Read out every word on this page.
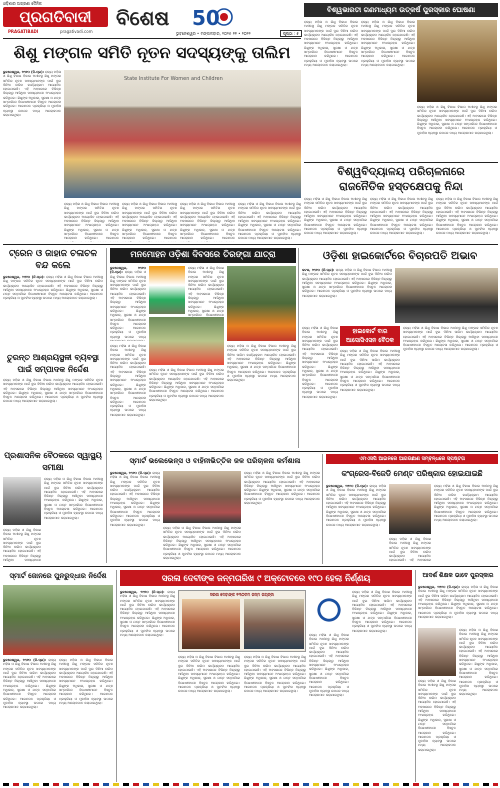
ଓଡ଼ିଶାର ଅଗ୍ରଣୀ ଦୈନିକ
ପ୍ରଗତିବାଦୀ
PRAGATIBADI	pragativadi.com
ବିଶେଷ 50
ଭୁବନେଶ୍ୱର • ମଙ୍ଗଳବାର, ୨୦୨୫ ୧୧ • ୨୦୨୨	ପୃଷ୍ଠା : ୫
ବିଶ୍ୱଭାରତୀ ଗଣମାଧ୍ୟମ ଉତ୍କର୍ଷ ପୁରସ୍କାର ଘୋଷଣା
ରାଜ୍ୟ ମହିଳା ଓ ଶିଶୁ ବିକାଶ ବିଭାଗ ଅଧୀନସ୍ଥ ଶିଶୁ ମଙ୍ଗଳ ସମିତିର ନୂତନ ସଦସ୍ୟମାନଙ୍କ ପାଇଁ ଦୁଇ ଦିନିଆ ତାଲିମ କାର୍ଯ୍ୟକ୍ରମ ଆୟୋଜିତ ହୋଇଯାଇଛି। ଏହି ଅବସରରେ ବିଭିନ୍ନ ଜିଲ୍ଲାରୁ ଆସିଥିବା ସଦସ୍ୟମାନେ ଅଂଶଗ୍ରହଣ କରିଥିଲେ। ଶିଶୁଙ୍କ ଅଧିକାର, ସୁରକ୍ଷା ଓ ଯତ୍ନ ସମ୍ପର୍କରେ ବିଶେଷଜ୍ଞମାନେ ବିସ୍ତୃତ ଆଲୋଚନା କରିଥିଲେ। ଆଇନଗତ ପ୍ରକ୍ରିୟା ଓ ପୁନର୍ବାସ ବ୍ୟବସ୍ଥା ଉପରେ ମଧ୍ୟ ଆଲୋକପାତ କରାଯାଇଥିଲା।
ରାଜ୍ୟ ମହିଳା ଓ ଶିଶୁ ବିକାଶ ବିଭାଗ ଅଧୀନସ୍ଥ ଶିଶୁ ମଙ୍ଗଳ ସମିତିର ନୂତନ ସଦସ୍ୟମାନଙ୍କ ପାଇଁ ଦୁଇ ଦିନିଆ ତାଲିମ କାର୍ଯ୍ୟକ୍ରମ ଆୟୋଜିତ ହୋଇଯାଇଛି। ଏହି ଅବସରରେ ବିଭିନ୍ନ ଜିଲ୍ଲାରୁ ଆସିଥିବା ସଦସ୍ୟମାନେ ଅଂଶଗ୍ରହଣ କରିଥିଲେ। ଶିଶୁଙ୍କ ଅଧିକାର, ସୁରକ୍ଷା ଓ ଯତ୍ନ ସମ୍ପର୍କରେ ବିଶେଷଜ୍ଞମାନେ ବିସ୍ତୃତ ଆଲୋଚନା କରିଥିଲେ। ଆଇନଗତ ପ୍ରକ୍ରିୟା ଓ ପୁନର୍ବାସ ବ୍ୟବସ୍ଥା ଉପରେ ମଧ୍ୟ ଆଲୋକପାତ କରାଯାଇଥିଲା।
ରାଜ୍ୟ ମହିଳା ଓ ଶିଶୁ ବିକାଶ ବିଭାଗ ଅଧୀନସ୍ଥ ଶିଶୁ ମଙ୍ଗଳ ସମିତିର ନୂତନ ସଦସ୍ୟମାନଙ୍କ ପାଇଁ ଦୁଇ ଦିନିଆ ତାଲିମ କାର୍ଯ୍ୟକ୍ରମ ଆୟୋଜିତ ହୋଇଯାଇଛି। ଏହି ଅବସରରେ ବିଭିନ୍ନ ଜିଲ୍ଲାରୁ ଆସିଥିବା ସଦସ୍ୟମାନେ ଅଂଶଗ୍ରହଣ କରିଥିଲେ। ଶିଶୁଙ୍କ ଅଧିକାର, ସୁରକ୍ଷା ଓ ଯତ୍ନ ସମ୍ପର୍କରେ ବିଶେଷଜ୍ଞମାନେ ବିସ୍ତୃତ ଆଲୋଚନା କରିଥିଲେ। ଆଇନଗତ ପ୍ରକ୍ରିୟା ଓ ପୁନର୍ବାସ ବ୍ୟବସ୍ଥା ଉପରେ ମଧ୍ୟ ଆଲୋକପାତ କରାଯାଇଥିଲା।
ଶିଶୁ ମଙ୍ଗଳ ସମିତି ନୂତନ ସଦସ୍ୟଙ୍କୁ ତାଲିମ
ଭୁବନେଶ୍ୱର, ୨୯ା୧୦ (ନି.ପ୍ର): ରାଜ୍ୟ ମହିଳା ଓ ଶିଶୁ ବିକାଶ ବିଭାଗ ଅଧୀନସ୍ଥ ଶିଶୁ ମଙ୍ଗଳ ସମିତିର ନୂତନ ସଦସ୍ୟମାନଙ୍କ ପାଇଁ ଦୁଇ ଦିନିଆ ତାଲିମ କାର୍ଯ୍ୟକ୍ରମ ଆୟୋଜିତ ହୋଇଯାଇଛି। ଏହି ଅବସରରେ ବିଭିନ୍ନ ଜିଲ୍ଲାରୁ ଆସିଥିବା ସଦସ୍ୟମାନେ ଅଂଶଗ୍ରହଣ କରିଥିଲେ। ଶିଶୁଙ୍କ ଅଧିକାର, ସୁରକ୍ଷା ଓ ଯତ୍ନ ସମ୍ପର୍କରେ ବିଶେଷଜ୍ଞମାନେ ବିସ୍ତୃତ ଆଲୋଚନା କରିଥିଲେ। ଆଇନଗତ ପ୍ରକ୍ରିୟା ଓ ପୁନର୍ବାସ ବ୍ୟବସ୍ଥା ଉପରେ ମଧ୍ୟ ଆଲୋକପାତ କରାଯାଇଥିଲା।
State Institute For Women and Children
ରାଜ୍ୟ ମହିଳା ଓ ଶିଶୁ ବିକାଶ ବିଭାଗ ଅଧୀନସ୍ଥ ଶିଶୁ ମଙ୍ଗଳ ସମିତିର ନୂତନ ସଦସ୍ୟମାନଙ୍କ ପାଇଁ ଦୁଇ ଦିନିଆ ତାଲିମ କାର୍ଯ୍ୟକ୍ରମ ଆୟୋଜିତ ହୋଇଯାଇଛି। ଏହି ଅବସରରେ ବିଭିନ୍ନ ଜିଲ୍ଲାରୁ ଆସିଥିବା ସଦସ୍ୟମାନେ ଅଂଶଗ୍ରହଣ କରିଥିଲେ। ଶିଶୁଙ୍କ ଅଧିକାର, ସୁରକ୍ଷା ଓ ଯତ୍ନ ସମ୍ପର୍କରେ ବିଶେଷଜ୍ଞମାନେ ବିସ୍ତୃତ ଆଲୋଚନା କରିଥିଲେ। ଆଇନଗତ
ରାଜ୍ୟ ମହିଳା ଓ ଶିଶୁ ବିକାଶ ବିଭାଗ ଅଧୀନସ୍ଥ ଶିଶୁ ମଙ୍ଗଳ ସମିତିର ନୂତନ ସଦସ୍ୟମାନଙ୍କ ପାଇଁ ଦୁଇ ଦିନିଆ ତାଲିମ କାର୍ଯ୍ୟକ୍ରମ ଆୟୋଜିତ ହୋଇଯାଇଛି। ଏହି ଅବସରରେ ବିଭିନ୍ନ ଜିଲ୍ଲାରୁ ଆସିଥିବା ସଦସ୍ୟମାନେ ଅଂଶଗ୍ରହଣ କରିଥିଲେ। ଶିଶୁଙ୍କ ଅଧିକାର, ସୁରକ୍ଷା ଓ ଯତ୍ନ ସମ୍ପର୍କରେ ବିଶେଷଜ୍ଞମାନେ ବିସ୍ତୃତ ଆଲୋଚନା କରିଥିଲେ। ଆଇନଗତ
ରାଜ୍ୟ ମହିଳା ଓ ଶିଶୁ ବିକାଶ ବିଭାଗ ଅଧୀନସ୍ଥ ଶିଶୁ ମଙ୍ଗଳ ସମିତିର ନୂତନ ସଦସ୍ୟମାନଙ୍କ ପାଇଁ ଦୁଇ ଦିନିଆ ତାଲିମ କାର୍ଯ୍ୟକ୍ରମ ଆୟୋଜିତ ହୋଇଯାଇଛି। ଏହି ଅବସରରେ ବିଭିନ୍ନ ଜିଲ୍ଲାରୁ ଆସିଥିବା ସଦସ୍ୟମାନେ ଅଂଶଗ୍ରହଣ କରିଥିଲେ। ଶିଶୁଙ୍କ ଅଧିକାର, ସୁରକ୍ଷା ଓ ଯତ୍ନ ସମ୍ପର୍କରେ ବିଶେଷଜ୍ଞମାନେ ବିସ୍ତୃତ ଆଲୋଚନା କରିଥିଲେ। ଆଇନଗତ
ରାଜ୍ୟ ମହିଳା ଓ ଶିଶୁ ବିକାଶ ବିଭାଗ ଅଧୀନସ୍ଥ ଶିଶୁ ମଙ୍ଗଳ ସମିତିର ନୂତନ ସଦସ୍ୟମାନଙ୍କ ପାଇଁ ଦୁଇ ଦିନିଆ ତାଲିମ କାର୍ଯ୍ୟକ୍ରମ ଆୟୋଜିତ ହୋଇଯାଇଛି। ଏହି ଅବସରରେ ବିଭିନ୍ନ ଜିଲ୍ଲାରୁ ଆସିଥିବା ସଦସ୍ୟମାନେ ଅଂଶଗ୍ରହଣ କରିଥିଲେ। ଶିଶୁଙ୍କ ଅଧିକାର, ସୁରକ୍ଷା ଓ ଯତ୍ନ ସମ୍ପର୍କରେ ବିଶେଷଜ୍ଞମାନେ ବିସ୍ତୃତ ଆଲୋଚନା କରିଥିଲେ। ଆଇନଗତ ପ୍ରକ୍ରିୟା ଓ ପୁନର୍ବାସ ବ୍ୟବସ୍ଥା ଉପରେ ମଧ୍ୟ ଆଲୋକପାତ କରାଯାଇଥିଲା।
ବିଶ୍ୱବିଦ୍ୟାଳୟ ପରିଚାଳନାରେ
ରାଜନୈତିକ ହସ୍ତକ୍ଷେପକୁ ନିନ୍ଦା
ରାଜ୍ୟ ମହିଳା ଓ ଶିଶୁ ବିକାଶ ବିଭାଗ ଅଧୀନସ୍ଥ ଶିଶୁ ମଙ୍ଗଳ ସମିତିର ନୂତନ ସଦସ୍ୟମାନଙ୍କ ପାଇଁ ଦୁଇ ଦିନିଆ ତାଲିମ କାର୍ଯ୍ୟକ୍ରମ ଆୟୋଜିତ ହୋଇଯାଇଛି। ଏହି ଅବସରରେ ବିଭିନ୍ନ ଜିଲ୍ଲାରୁ ଆସିଥିବା ସଦସ୍ୟମାନେ ଅଂଶଗ୍ରହଣ କରିଥିଲେ। ଶିଶୁଙ୍କ ଅଧିକାର, ସୁରକ୍ଷା ଓ ଯତ୍ନ ସମ୍ପର୍କରେ ବିଶେଷଜ୍ଞମାନେ ବିସ୍ତୃତ ଆଲୋଚନା କରିଥିଲେ। ଆଇନଗତ ପ୍ରକ୍ରିୟା ଓ ପୁନର୍ବାସ ବ୍ୟବସ୍ଥା ଉପରେ ମଧ୍ୟ ଆଲୋକପାତ କରାଯାଇଥିଲା।
ରାଜ୍ୟ ମହିଳା ଓ ଶିଶୁ ବିକାଶ ବିଭାଗ ଅଧୀନସ୍ଥ ଶିଶୁ ମଙ୍ଗଳ ସମିତିର ନୂତନ ସଦସ୍ୟମାନଙ୍କ ପାଇଁ ଦୁଇ ଦିନିଆ ତାଲିମ କାର୍ଯ୍ୟକ୍ରମ ଆୟୋଜିତ ହୋଇଯାଇଛି। ଏହି ଅବସରରେ ବିଭିନ୍ନ ଜିଲ୍ଲାରୁ ଆସିଥିବା ସଦସ୍ୟମାନେ ଅଂଶଗ୍ରହଣ କରିଥିଲେ। ଶିଶୁଙ୍କ ଅଧିକାର, ସୁରକ୍ଷା ଓ ଯତ୍ନ ସମ୍ପର୍କରେ ବିଶେଷଜ୍ଞମାନେ ବିସ୍ତୃତ ଆଲୋଚନା କରିଥିଲେ। ଆଇନଗତ ପ୍ରକ୍ରିୟା ଓ ପୁନର୍ବାସ ବ୍ୟବସ୍ଥା ଉପରେ ମଧ୍ୟ ଆଲୋକପାତ କରାଯାଇଥିଲା।
ରାଜ୍ୟ ମହିଳା ଓ ଶିଶୁ ବିକାଶ ବିଭାଗ ଅଧୀନସ୍ଥ ଶିଶୁ ମଙ୍ଗଳ ସମିତିର ନୂତନ ସଦସ୍ୟମାନଙ୍କ ପାଇଁ ଦୁଇ ଦିନିଆ ତାଲିମ କାର୍ଯ୍ୟକ୍ରମ ଆୟୋଜିତ ହୋଇଯାଇଛି। ଏହି ଅବସରରେ ବିଭିନ୍ନ ଜିଲ୍ଲାରୁ ଆସିଥିବା ସଦସ୍ୟମାନେ ଅଂଶଗ୍ରହଣ କରିଥିଲେ। ଶିଶୁଙ୍କ ଅଧିକାର, ସୁରକ୍ଷା ଓ ଯତ୍ନ ସମ୍ପର୍କରେ ବିଶେଷଜ୍ଞମାନେ ବିସ୍ତୃତ ଆଲୋଚନା କରିଥିଲେ। ଆଇନଗତ ପ୍ରକ୍ରିୟା ଓ ପୁନର୍ବାସ ବ୍ୟବସ୍ଥା ଉପରେ ମଧ୍ୟ ଆଲୋକପାତ କରାଯାଇଥିଲା।
ଟ୍ରେନ ଓ ଜାହାଜ ଚଳାଚଳ ବନ୍ଦ କଲେ
ଭୁବନେଶ୍ୱର, ୨୯ା୧୦ (ନି.ପ୍ର): ରାଜ୍ୟ ମହିଳା ଓ ଶିଶୁ ବିକାଶ ବିଭାଗ ଅଧୀନସ୍ଥ ଶିଶୁ ମଙ୍ଗଳ ସମିତିର ନୂତନ ସଦସ୍ୟମାନଙ୍କ ପାଇଁ ଦୁଇ ଦିନିଆ ତାଲିମ କାର୍ଯ୍ୟକ୍ରମ ଆୟୋଜିତ ହୋଇଯାଇଛି। ଏହି ଅବସରରେ ବିଭିନ୍ନ ଜିଲ୍ଲାରୁ ଆସିଥିବା ସଦସ୍ୟମାନେ ଅଂଶଗ୍ରହଣ କରିଥିଲେ। ଶିଶୁଙ୍କ ଅଧିକାର, ସୁରକ୍ଷା ଓ ଯତ୍ନ ସମ୍ପର୍କରେ ବିଶେଷଜ୍ଞମାନେ ବିସ୍ତୃତ ଆଲୋଚନା କରିଥିଲେ। ଆଇନଗତ ପ୍ରକ୍ରିୟା ଓ ପୁନର୍ବାସ ବ୍ୟବସ୍ଥା ଉପରେ ମଧ୍ୟ ଆଲୋକପାତ କରାଯାଇଥିଲା।
ତୁରନ୍ତ ଆଶ୍ରୟସ୍ଥଳୀ ବ୍ୟବସ୍ଥା ପାଇଁ ସମ୍ପାଦକ ନିର୍ଦ୍ଦେଶ
ରାଜ୍ୟ ମହିଳା ଓ ଶିଶୁ ବିକାଶ ବିଭାଗ ଅଧୀନସ୍ଥ ଶିଶୁ ମଙ୍ଗଳ ସମିତିର ନୂତନ ସଦସ୍ୟମାନଙ୍କ ପାଇଁ ଦୁଇ ଦିନିଆ ତାଲିମ କାର୍ଯ୍ୟକ୍ରମ ଆୟୋଜିତ ହୋଇଯାଇଛି। ଏହି ଅବସରରେ ବିଭିନ୍ନ ଜିଲ୍ଲାରୁ ଆସିଥିବା ସଦସ୍ୟମାନେ ଅଂଶଗ୍ରହଣ କରିଥିଲେ। ଶିଶୁଙ୍କ ଅଧିକାର, ସୁରକ୍ଷା ଓ ଯତ୍ନ ସମ୍ପର୍କରେ ବିଶେଷଜ୍ଞମାନେ ବିସ୍ତୃତ ଆଲୋଚନା କରିଥିଲେ। ଆଇନଗତ ପ୍ରକ୍ରିୟା ଓ ପୁନର୍ବାସ ବ୍ୟବସ୍ଥା ଉପରେ ମଧ୍ୟ ଆଲୋକପାତ କରାଯାଇଥିଲା।
ପ୍ରଶାସନିକ ବୈଠକରେ ସ୍ୱାସ୍ଥ୍ୟ ସମୀକ୍ଷା
ରାଜ୍ୟ ମହିଳା ଓ ଶିଶୁ ବିକାଶ ବିଭାଗ ଅଧୀନସ୍ଥ ଶିଶୁ ମଙ୍ଗଳ ସମିତିର ନୂତନ ସଦସ୍ୟମାନଙ୍କ ପାଇଁ ଦୁଇ ଦିନିଆ ତାଲିମ କାର୍ଯ୍ୟକ୍ରମ ଆୟୋଜିତ ହୋଇଯାଇଛି। ଏହି ଅବସରରେ ବିଭିନ୍ନ ଜିଲ୍ଲାରୁ ଆସିଥିବା ସଦସ୍ୟମାନେ ଅଂଶଗ୍ରହଣ କରିଥିଲେ। ଶିଶୁଙ୍କ ଅଧିକାର, ସୁରକ୍ଷା ଓ ଯତ୍ନ ସମ୍ପର୍କରେ ବିଶେଷଜ୍ଞମାନେ ବିସ୍ତୃତ ଆଲୋଚନା କରିଥିଲେ। ଆଇନଗତ ପ୍ରକ୍ରିୟା ଓ ପୁନର୍ବାସ ବ୍ୟବସ୍ଥା ଉପରେ ମଧ୍ୟ ଆଲୋକପାତ କରାଯାଇଥିଲା।
ରାଜ୍ୟ ମହିଳା ଓ ଶିଶୁ ବିକାଶ ବିଭାଗ ଅଧୀନସ୍ଥ ଶିଶୁ ମଙ୍ଗଳ ସମିତିର ନୂତନ ସଦସ୍ୟମାନଙ୍କ ପାଇଁ ଦୁଇ ଦିନିଆ ତାଲିମ କାର୍ଯ୍ୟକ୍ରମ ଆୟୋଜିତ ହୋଇଯାଇଛି। ଏହି ଅବସରରେ ବିଭିନ୍ନ ଜିଲ୍ଲାରୁ ଆସିଥିବା ସଦସ୍ୟମାନେ
ମନମୋହନ ଓଡ଼ିଶା ଦିବସରେ ତିରଙ୍ଗା ଯାତ୍ରା
ଭୁବନେଶ୍ୱର, ୨୯ା୧୦ (ନି.ପ୍ର): ରାଜ୍ୟ ମହିଳା ଓ ଶିଶୁ ବିକାଶ ବିଭାଗ ଅଧୀନସ୍ଥ ଶିଶୁ ମଙ୍ଗଳ ସମିତିର ନୂତନ ସଦସ୍ୟମାନଙ୍କ ପାଇଁ ଦୁଇ ଦିନିଆ ତାଲିମ କାର୍ଯ୍ୟକ୍ରମ ଆୟୋଜିତ ହୋଇଯାଇଛି। ଏହି ଅବସରରେ ବିଭିନ୍ନ ଜିଲ୍ଲାରୁ ଆସିଥିବା ସଦସ୍ୟମାନେ ଅଂଶଗ୍ରହଣ କରିଥିଲେ। ଶିଶୁଙ୍କ ଅଧିକାର, ସୁରକ୍ଷା ଓ ଯତ୍ନ ସମ୍ପର୍କରେ ବିଶେଷଜ୍ଞମାନେ ବିସ୍ତୃତ ଆଲୋଚନା କରିଥିଲେ। ଆଇନଗତ ପ୍ରକ୍ରିୟା ଓ ପୁନର୍ବାସ ବ୍ୟବସ୍ଥା ଉପରେ ମଧ୍ୟ
ରାଜ୍ୟ ମହିଳା ଓ ଶିଶୁ ବିକାଶ ବିଭାଗ ଅଧୀନସ୍ଥ ଶିଶୁ ମଙ୍ଗଳ ସମିତିର ନୂତନ ସଦସ୍ୟମାନଙ୍କ ପାଇଁ ଦୁଇ ଦିନିଆ ତାଲିମ କାର୍ଯ୍ୟକ୍ରମ ଆୟୋଜିତ ହୋଇଯାଇଛି। ଏହି ଅବସରରେ ବିଭିନ୍ନ ଜିଲ୍ଲାରୁ ଆସିଥିବା ସଦସ୍ୟମାନେ ଅଂଶଗ୍ରହଣ କରିଥିଲେ। ଶିଶୁଙ୍କ ଅଧିକାର, ସୁରକ୍ଷା ଓ ଯତ୍ନ ସମ୍ପର୍କରେ ବିଶେଷଜ୍ଞମାନେ
ରାଜ୍ୟ ମହିଳା ଓ ଶିଶୁ ବିକାଶ ବିଭାଗ ଅଧୀନସ୍ଥ ଶିଶୁ ମଙ୍ଗଳ ସମିତିର ନୂତନ ସଦସ୍ୟମାନଙ୍କ ପାଇଁ ଦୁଇ ଦିନିଆ ତାଲିମ କାର୍ଯ୍ୟକ୍ରମ ଆୟୋଜିତ ହୋଇଯାଇଛି। ଏହି ଅବସରରେ ବିଭିନ୍ନ ଜିଲ୍ଲାରୁ ଆସିଥିବା ସଦସ୍ୟମାନେ ଅଂଶଗ୍ରହଣ କରିଥିଲେ। ଶିଶୁଙ୍କ ଅଧିକାର, ସୁରକ୍ଷା ଓ ଯତ୍ନ ସମ୍ପର୍କରେ ବିଶେଷଜ୍ଞମାନେ ବିସ୍ତୃତ ଆଲୋଚନା କରିଥିଲେ। ଆଇନଗତ ପ୍ରକ୍ରିୟା ଓ ପୁନର୍ବାସ ବ୍ୟବସ୍ଥା ଉପରେ ମଧ୍ୟ ଆଲୋକପାତ କରାଯାଇଥିଲା।
ରାଜ୍ୟ ମହିଳା ଓ ଶିଶୁ ବିକାଶ ବିଭାଗ ଅଧୀନସ୍ଥ ଶିଶୁ ମଙ୍ଗଳ ସମିତିର ନୂତନ ସଦସ୍ୟମାନଙ୍କ ପାଇଁ ଦୁଇ ଦିନିଆ ତାଲିମ କାର୍ଯ୍ୟକ୍ରମ ଆୟୋଜିତ ହୋଇଯାଇଛି। ଏହି ଅବସରରେ ବିଭିନ୍ନ ଜିଲ୍ଲାରୁ ଆସିଥିବା ସଦସ୍ୟମାନେ ଅଂଶଗ୍ରହଣ କରିଥିଲେ। ଶିଶୁଙ୍କ ଅଧିକାର, ସୁରକ୍ଷା ଓ ଯତ୍ନ ସମ୍ପର୍କରେ ବିଶେଷଜ୍ଞମାନେ ବିସ୍ତୃତ ଆଲୋଚନା କରିଥିଲେ। ଆଇନଗତ ପ୍ରକ୍ରିୟା ଓ ପୁନର୍ବାସ ବ୍ୟବସ୍ଥା ଉପରେ ମଧ୍ୟ ଆଲୋକପାତ କରାଯାଇଥିଲା।
ରାଜ୍ୟ ମହିଳା ଓ ଶିଶୁ ବିକାଶ ବିଭାଗ ଅଧୀନସ୍ଥ ଶିଶୁ ମଙ୍ଗଳ ସମିତିର ନୂତନ ସଦସ୍ୟମାନଙ୍କ ପାଇଁ ଦୁଇ ଦିନିଆ ତାଲିମ କାର୍ଯ୍ୟକ୍ରମ ଆୟୋଜିତ ହୋଇଯାଇଛି। ଏହି ଅବସରରେ ବିଭିନ୍ନ ଜିଲ୍ଲାରୁ ଆସିଥିବା ସଦସ୍ୟମାନେ ଅଂଶଗ୍ରହଣ କରିଥିଲେ। ଶିଶୁଙ୍କ ଅଧିକାର, ସୁରକ୍ଷା ଓ ଯତ୍ନ ସମ୍ପର୍କରେ ବିଶେଷଜ୍ଞମାନେ ବିସ୍ତୃତ ଆଲୋଚନା କରିଥିଲେ। ଆଇନଗତ ପ୍ରକ୍ରିୟା ଓ ପୁନର୍ବାସ ବ୍ୟବସ୍ଥା ଉପରେ ମଧ୍ୟ ଆଲୋକପାତ କରାଯାଇଥିଲା।
ଓଡ଼ିଶା ହାଇକୋର୍ଟରେ ବିଚାରପତି ଅଭାବ
କଟକ, ୨୯ା୧୦ (ନି.ପ୍ର): ରାଜ୍ୟ ମହିଳା ଓ ଶିଶୁ ବିକାଶ ବିଭାଗ ଅଧୀନସ୍ଥ ଶିଶୁ ମଙ୍ଗଳ ସମିତିର ନୂତନ ସଦସ୍ୟମାନଙ୍କ ପାଇଁ ଦୁଇ ଦିନିଆ ତାଲିମ କାର୍ଯ୍ୟକ୍ରମ ଆୟୋଜିତ ହୋଇଯାଇଛି। ଏହି ଅବସରରେ ବିଭିନ୍ନ ଜିଲ୍ଲାରୁ ଆସିଥିବା ସଦସ୍ୟମାନେ ଅଂଶଗ୍ରହଣ କରିଥିଲେ। ଶିଶୁଙ୍କ ଅଧିକାର, ସୁରକ୍ଷା ଓ ଯତ୍ନ ସମ୍ପର୍କରେ ବିଶେଷଜ୍ଞମାନେ ବିସ୍ତୃତ ଆଲୋଚନା କରିଥିଲେ। ଆଇନଗତ ପ୍ରକ୍ରିୟା ଓ ପୁନର୍ବାସ ବ୍ୟବସ୍ଥା ଉପରେ ମଧ୍ୟ ଆଲୋକପାତ କରାଯାଇଥିଲା।
ହାଇକୋର୍ଟ ବାର
ଆସୋସିଏସନ ବୈଠକ
ରାଜ୍ୟ ମହିଳା ଓ ଶିଶୁ ବିକାଶ ବିଭାଗ ଅଧୀନସ୍ଥ ଶିଶୁ ମଙ୍ଗଳ ସମିତିର ନୂତନ ସଦସ୍ୟମାନଙ୍କ ପାଇଁ ଦୁଇ ଦିନିଆ ତାଲିମ କାର୍ଯ୍ୟକ୍ରମ ଆୟୋଜିତ ହୋଇଯାଇଛି। ଏହି ଅବସରରେ ବିଭିନ୍ନ ଜିଲ୍ଲାରୁ ଆସିଥିବା ସଦସ୍ୟମାନେ ଅଂଶଗ୍ରହଣ କରିଥିଲେ। ଶିଶୁଙ୍କ ଅଧିକାର, ସୁରକ୍ଷା ଓ ଯତ୍ନ ସମ୍ପର୍କରେ ବିଶେଷଜ୍ଞମାନେ ବିସ୍ତୃତ ଆଲୋଚନା କରିଥିଲେ। ଆଇନଗତ ପ୍ରକ୍ରିୟା ଓ ପୁନର୍ବାସ ବ୍ୟବସ୍ଥା ଉପରେ ମଧ୍ୟ ଆଲୋକପାତ କରାଯାଇଥିଲା।
ରାଜ୍ୟ ମହିଳା ଓ ଶିଶୁ ବିକାଶ ବିଭାଗ ଅଧୀନସ୍ଥ ଶିଶୁ ମଙ୍ଗଳ ସମିତିର ନୂତନ ସଦସ୍ୟମାନଙ୍କ ପାଇଁ ଦୁଇ ଦିନିଆ ତାଲିମ କାର୍ଯ୍ୟକ୍ରମ ଆୟୋଜିତ ହୋଇଯାଇଛି। ଏହି ଅବସରରେ ବିଭିନ୍ନ ଜିଲ୍ଲାରୁ ଆସିଥିବା ସଦସ୍ୟମାନେ ଅଂଶଗ୍ରହଣ କରିଥିଲେ। ଶିଶୁଙ୍କ ଅଧିକାର, ସୁରକ୍ଷା ଓ ଯତ୍ନ ସମ୍ପର୍କରେ ବିଶେଷଜ୍ଞମାନେ ବିସ୍ତୃତ ଆଲୋଚନା କରିଥିଲେ। ଆଇନଗତ ପ୍ରକ୍ରିୟା ଓ ପୁନର୍ବାସ ବ୍ୟବସ୍ଥା ଉପରେ ମଧ୍ୟ ଆଲୋକପାତ କରାଯାଇଥିଲା।
ରାଜ୍ୟ ମହିଳା ଓ ଶିଶୁ ବିକାଶ ବିଭାଗ ଅଧୀନସ୍ଥ ଶିଶୁ ମଙ୍ଗଳ ସମିତିର ନୂତନ ସଦସ୍ୟମାନଙ୍କ ପାଇଁ ଦୁଇ ଦିନିଆ ତାଲିମ କାର୍ଯ୍ୟକ୍ରମ ଆୟୋଜିତ ହୋଇଯାଇଛି। ଏହି ଅବସରରେ ବିଭିନ୍ନ ଜିଲ୍ଲାରୁ ଆସିଥିବା ସଦସ୍ୟମାନେ ଅଂଶଗ୍ରହଣ କରିଥିଲେ। ଶିଶୁଙ୍କ ଅଧିକାର, ସୁରକ୍ଷା ଓ ଯତ୍ନ ସମ୍ପର୍କରେ ବିଶେଷଜ୍ଞମାନେ ବିସ୍ତୃତ ଆଲୋଚନା କରିଥିଲେ। ଆଇନଗତ ପ୍ରକ୍ରିୟା ଓ ପୁନର୍ବାସ ବ୍ୟବସ୍ଥା ଉପରେ ମଧ୍ୟ ଆଲୋକପାତ କରାଯାଇଥିଲା।
ସ୍ମାର୍ଟ ଭଲେଭେନ୍ସ ଓ ବାହିନୀଭିତ୍ତିକ ଜଳ ପରିଚାଳନା କର୍ମଶାଳା
ଭୁବନେଶ୍ୱର, ୨୯ା୧୦ (ନି.ପ୍ର): ରାଜ୍ୟ ମହିଳା ଓ ଶିଶୁ ବିକାଶ ବିଭାଗ ଅଧୀନସ୍ଥ ଶିଶୁ ମଙ୍ଗଳ ସମିତିର ନୂତନ ସଦସ୍ୟମାନଙ୍କ ପାଇଁ ଦୁଇ ଦିନିଆ ତାଲିମ କାର୍ଯ୍ୟକ୍ରମ ଆୟୋଜିତ ହୋଇଯାଇଛି। ଏହି ଅବସରରେ ବିଭିନ୍ନ ଜିଲ୍ଲାରୁ ଆସିଥିବା ସଦସ୍ୟମାନେ ଅଂଶଗ୍ରହଣ କରିଥିଲେ। ଶିଶୁଙ୍କ ଅଧିକାର, ସୁରକ୍ଷା ଓ ଯତ୍ନ ସମ୍ପର୍କରେ ବିଶେଷଜ୍ଞମାନେ ବିସ୍ତୃତ ଆଲୋଚନା କରିଥିଲେ। ଆଇନଗତ ପ୍ରକ୍ରିୟା ଓ ପୁନର୍ବାସ ବ୍ୟବସ୍ଥା ଉପରେ ମଧ୍ୟ ଆଲୋକପାତ କରାଯାଇଥିଲା।
ରାଜ୍ୟ ମହିଳା ଓ ଶିଶୁ ବିକାଶ ବିଭାଗ ଅଧୀନସ୍ଥ ଶିଶୁ ମଙ୍ଗଳ ସମିତିର ନୂତନ ସଦସ୍ୟମାନଙ୍କ ପାଇଁ ଦୁଇ ଦିନିଆ ତାଲିମ କାର୍ଯ୍ୟକ୍ରମ ଆୟୋଜିତ ହୋଇଯାଇଛି। ଏହି ଅବସରରେ ବିଭିନ୍ନ ଜିଲ୍ଲାରୁ ଆସିଥିବା ସଦସ୍ୟମାନେ ଅଂଶଗ୍ରହଣ କରିଥିଲେ। ଶିଶୁଙ୍କ ଅଧିକାର, ସୁରକ୍ଷା ଓ ଯତ୍ନ ସମ୍ପର୍କରେ ବିଶେଷଜ୍ଞମାନେ ବିସ୍ତୃତ ଆଲୋଚନା କରିଥିଲେ। ଆଇନଗତ ପ୍ରକ୍ରିୟା ଓ ପୁନର୍ବାସ ବ୍ୟବସ୍ଥା ଉପରେ ମଧ୍ୟ ଆଲୋକପାତ କରାଯାଇଥିଲା।
ରାଜ୍ୟ ମହିଳା ଓ ଶିଶୁ ବିକାଶ ବିଭାଗ ଅଧୀନସ୍ଥ ଶିଶୁ ମଙ୍ଗଳ ସମିତିର ନୂତନ ସଦସ୍ୟମାନଙ୍କ ପାଇଁ ଦୁଇ ଦିନିଆ ତାଲିମ କାର୍ଯ୍ୟକ୍ରମ ଆୟୋଜିତ ହୋଇଯାଇଛି। ଏହି ଅବସରରେ ବିଭିନ୍ନ ଜିଲ୍ଲାରୁ ଆସିଥିବା ସଦସ୍ୟମାନେ ଅଂଶଗ୍ରହଣ କରିଥିଲେ। ଶିଶୁଙ୍କ ଅଧିକାର, ସୁରକ୍ଷା ଓ ଯତ୍ନ ସମ୍ପର୍କରେ ବିଶେଷଜ୍ଞମାନେ ବିସ୍ତୃତ ଆଲୋଚନା କରିଥିଲେ। ଆଇନଗତ ପ୍ରକ୍ରିୟା ଓ ପୁନର୍ବାସ ବ୍ୟବସ୍ଥା ଉପରେ ମଧ୍ୟ ଆଲୋକପାତ କରାଯାଇଥିଲା।
ଏମଏସପି ଆଇନରେ ଆଗଉଛାଣ ସମ୍ବନ୍ଧରେ ସ୍ପଷ୍ଟତା
କଂଗ୍ରେସ-ବିଜେଡି ମେଣ୍ଟ ପରିଷ୍କାର ହୋଇଯାଇଛି
ଭୁବନେଶ୍ୱର, ୨୯ା୧୦ (ନି.ପ୍ର): ରାଜ୍ୟ ମହିଳା ଓ ଶିଶୁ ବିକାଶ ବିଭାଗ ଅଧୀନସ୍ଥ ଶିଶୁ ମଙ୍ଗଳ ସମିତିର ନୂତନ ସଦସ୍ୟମାନଙ୍କ ପାଇଁ ଦୁଇ ଦିନିଆ ତାଲିମ କାର୍ଯ୍ୟକ୍ରମ ଆୟୋଜିତ ହୋଇଯାଇଛି। ଏହି ଅବସରରେ ବିଭିନ୍ନ ଜିଲ୍ଲାରୁ ଆସିଥିବା ସଦସ୍ୟମାନେ ଅଂଶଗ୍ରହଣ କରିଥିଲେ। ଶିଶୁଙ୍କ ଅଧିକାର, ସୁରକ୍ଷା ଓ ଯତ୍ନ ସମ୍ପର୍କରେ ବିଶେଷଜ୍ଞମାନେ ବିସ୍ତୃତ ଆଲୋଚନା କରିଥିଲେ। ଆଇନଗତ ପ୍ରକ୍ରିୟା ଓ ପୁନର୍ବାସ ବ୍ୟବସ୍ଥା ଉପରେ ମଧ୍ୟ ଆଲୋକପାତ କରାଯାଇଥିଲା।
ରାଜ୍ୟ ମହିଳା ଓ ଶିଶୁ ବିକାଶ ବିଭାଗ ଅଧୀନସ୍ଥ ଶିଶୁ ମଙ୍ଗଳ ସମିତିର ନୂତନ ସଦସ୍ୟମାନଙ୍କ ପାଇଁ ଦୁଇ ଦିନିଆ ତାଲିମ କାର୍ଯ୍ୟକ୍ରମ ଆୟୋଜିତ ହୋଇଯାଇଛି। ଏହି ଅବସରରେ ବିଭିନ୍ନ ଜିଲ୍ଲାରୁ ଆସିଥିବା ସଦସ୍ୟମାନେ ଅଂଶଗ୍ରହଣ କରିଥିଲେ। ଶିଶୁଙ୍କ ଅଧିକାର, ସୁରକ୍ଷା ଓ ଯତ୍ନ ସମ୍ପର୍କରେ ବିଶେଷଜ୍ଞମାନେ ବିସ୍ତୃତ ଆଲୋଚନା କରିଥିଲେ। ଆଇନଗତ ପ୍ରକ୍ରିୟା ଓ ପୁନର୍ବାସ ବ୍ୟବସ୍ଥା ଉପରେ ମଧ୍ୟ ଆଲୋକପାତ କରାଯାଇଥିଲା।
ରାଜ୍ୟ ମହିଳା ଓ ଶିଶୁ ବିକାଶ ବିଭାଗ ଅଧୀନସ୍ଥ ଶିଶୁ ମଙ୍ଗଳ ସମିତିର ନୂତନ ସଦସ୍ୟମାନଙ୍କ ପାଇଁ ଦୁଇ ଦିନିଆ ତାଲିମ କାର୍ଯ୍ୟକ୍ରମ ଆୟୋଜିତ ହୋଇଯାଇଛି। ଏହି ଅବସରରେ
ସ୍ମାର୍ଟ ଜୋନରେ ପୁନରୁଦ୍ଧାର ନିର୍ଦ୍ଦେଶ
ଭୁବନେଶ୍ୱର, ୨୯ା୧୦ (ନି.ପ୍ର): ରାଜ୍ୟ ମହିଳା ଓ ଶିଶୁ ବିକାଶ ବିଭାଗ ଅଧୀନସ୍ଥ ଶିଶୁ ମଙ୍ଗଳ ସମିତିର ନୂତନ ସଦସ୍ୟମାନଙ୍କ ପାଇଁ ଦୁଇ ଦିନିଆ ତାଲିମ କାର୍ଯ୍ୟକ୍ରମ ଆୟୋଜିତ ହୋଇଯାଇଛି। ଏହି ଅବସରରେ ବିଭିନ୍ନ ଜିଲ୍ଲାରୁ ଆସିଥିବା ସଦସ୍ୟମାନେ ଅଂଶଗ୍ରହଣ କରିଥିଲେ। ଶିଶୁଙ୍କ ଅଧିକାର, ସୁରକ୍ଷା ଓ ଯତ୍ନ ସମ୍ପର୍କରେ ବିଶେଷଜ୍ଞମାନେ ବିସ୍ତୃତ ଆଲୋଚନା କରିଥିଲେ। ଆଇନଗତ ପ୍ରକ୍ରିୟା ଓ ପୁନର୍ବାସ ବ୍ୟବସ୍ଥା ଉପରେ ମଧ୍ୟ ଆଲୋକପାତ କରାଯାଇଥିଲା।
ରାଜ୍ୟ ମହିଳା ଓ ଶିଶୁ ବିକାଶ ବିଭାଗ ଅଧୀନସ୍ଥ ଶିଶୁ ମଙ୍ଗଳ ସମିତିର ନୂତନ ସଦସ୍ୟମାନଙ୍କ ପାଇଁ ଦୁଇ ଦିନିଆ ତାଲିମ କାର୍ଯ୍ୟକ୍ରମ ଆୟୋଜିତ ହୋଇଯାଇଛି। ଏହି ଅବସରରେ ବିଭିନ୍ନ ଜିଲ୍ଲାରୁ ଆସିଥିବା ସଦସ୍ୟମାନେ ଅଂଶଗ୍ରହଣ କରିଥିଲେ। ଶିଶୁଙ୍କ ଅଧିକାର, ସୁରକ୍ଷା ଓ ଯତ୍ନ ସମ୍ପର୍କରେ ବିଶେଷଜ୍ଞମାନେ ବିସ୍ତୃତ ଆଲୋଚନା କରିଥିଲେ। ଆଇନଗତ ପ୍ରକ୍ରିୟା ଓ ପୁନର୍ବାସ ବ୍ୟବସ୍ଥା ଉପରେ ମଧ୍ୟ ଆଲୋକପାତ କରାଯାଇଥିଲା।
ସରଳା ଦେବୀଙ୍କ ଜନ୍ମତାରିଖ ୯ ଅକ୍ଟୋବରେ ୧୯୦ ହେଲା ନିର୍ଣ୍ଣୟ
ଭୁବନେଶ୍ୱର, ୨୯ା୧୦ (ନି.ପ୍ର): ରାଜ୍ୟ ମହିଳା ଓ ଶିଶୁ ବିକାଶ ବିଭାଗ ଅଧୀନସ୍ଥ ଶିଶୁ ମଙ୍ଗଳ ସମିତିର ନୂତନ ସଦସ୍ୟମାନଙ୍କ ପାଇଁ ଦୁଇ ଦିନିଆ ତାଲିମ କାର୍ଯ୍ୟକ୍ରମ ଆୟୋଜିତ ହୋଇଯାଇଛି। ଏହି ଅବସରରେ ବିଭିନ୍ନ ଜିଲ୍ଲାରୁ ଆସିଥିବା ସଦସ୍ୟମାନେ ଅଂଶଗ୍ରହଣ କରିଥିଲେ। ଶିଶୁଙ୍କ ଅଧିକାର, ସୁରକ୍ଷା ଓ ଯତ୍ନ ସମ୍ପର୍କରେ ବିଶେଷଜ୍ଞମାନେ ବିସ୍ତୃତ ଆଲୋଚନା କରିଥିଲେ। ଆଇନଗତ ପ୍ରକ୍ରିୟା ଓ ପୁନର୍ବାସ ବ୍ୟବସ୍ଥା ଉପରେ ମଧ୍ୟ ଆଲୋକପାତ କରାଯାଇଥିଲା।
ସରଳା ଦେବୀଙ୍କ ୧୩୦ତମ ଜନ୍ମ ଜୟନ୍ତୀ
ରାଜ୍ୟ ମହିଳା ଓ ଶିଶୁ ବିକାଶ ବିଭାଗ ଅଧୀନସ୍ଥ ଶିଶୁ ମଙ୍ଗଳ ସମିତିର ନୂତନ ସଦସ୍ୟମାନଙ୍କ ପାଇଁ ଦୁଇ ଦିନିଆ ତାଲିମ କାର୍ଯ୍ୟକ୍ରମ ଆୟୋଜିତ ହୋଇଯାଇଛି। ଏହି ଅବସରରେ ବିଭିନ୍ନ ଜିଲ୍ଲାରୁ ଆସିଥିବା ସଦସ୍ୟମାନେ ଅଂଶଗ୍ରହଣ କରିଥିଲେ। ଶିଶୁଙ୍କ ଅଧିକାର, ସୁରକ୍ଷା ଓ ଯତ୍ନ ସମ୍ପର୍କରେ ବିଶେଷଜ୍ଞମାନେ ବିସ୍ତୃତ ଆଲୋଚନା କରିଥିଲେ। ଆଇନଗତ ପ୍ରକ୍ରିୟା ଓ ପୁନର୍ବାସ ବ୍ୟବସ୍ଥା ଉପରେ ମଧ୍ୟ ଆଲୋକପାତ କରାଯାଇଥିଲା।
ରାଜ୍ୟ ମହିଳା ଓ ଶିଶୁ ବିକାଶ ବିଭାଗ ଅଧୀନସ୍ଥ ଶିଶୁ ମଙ୍ଗଳ ସମିତିର ନୂତନ ସଦସ୍ୟମାନଙ୍କ ପାଇଁ ଦୁଇ ଦିନିଆ ତାଲିମ କାର୍ଯ୍ୟକ୍ରମ ଆୟୋଜିତ ହୋଇଯାଇଛି। ଏହି ଅବସରରେ ବିଭିନ୍ନ ଜିଲ୍ଲାରୁ ଆସିଥିବା ସଦସ୍ୟମାନେ ଅଂଶଗ୍ରହଣ କରିଥିଲେ। ଶିଶୁଙ୍କ ଅଧିକାର, ସୁରକ୍ଷା ଓ ଯତ୍ନ ସମ୍ପର୍କରେ ବିଶେଷଜ୍ଞମାନେ ବିସ୍ତୃତ ଆଲୋଚନା କରିଥିଲେ। ଆଇନଗତ ପ୍ରକ୍ରିୟା ଓ ପୁନର୍ବାସ ବ୍ୟବସ୍ଥା ଉପରେ ମଧ୍ୟ ଆଲୋକପାତ କରାଯାଇଥିଲା।
ରାଜ୍ୟ ମହିଳା ଓ ଶିଶୁ ବିକାଶ ବିଭାଗ ଅଧୀନସ୍ଥ ଶିଶୁ ମଙ୍ଗଳ ସମିତିର ନୂତନ ସଦସ୍ୟମାନଙ୍କ ପାଇଁ ଦୁଇ ଦିନିଆ ତାଲିମ କାର୍ଯ୍ୟକ୍ରମ ଆୟୋଜିତ ହୋଇଯାଇଛି। ଏହି ଅବସରରେ ବିଭିନ୍ନ ଜିଲ୍ଲାରୁ ଆସିଥିବା ସଦସ୍ୟମାନେ ଅଂଶଗ୍ରହଣ କରିଥିଲେ। ଶିଶୁଙ୍କ ଅଧିକାର, ସୁରକ୍ଷା ଓ ଯତ୍ନ ସମ୍ପର୍କରେ ବିଶେଷଜ୍ଞମାନେ ବିସ୍ତୃତ ଆଲୋଚନା କରିଥିଲେ। ଆଇନଗତ ପ୍ରକ୍ରିୟା ଓ ପୁନର୍ବାସ ବ୍ୟବସ୍ଥା ଉପରେ ମଧ୍ୟ ଆଲୋକପାତ କରାଯାଇଥିଲା।
ରାଜ୍ୟ ମହିଳା ଓ ଶିଶୁ ବିକାଶ ବିଭାଗ ଅଧୀନସ୍ଥ ଶିଶୁ ମଙ୍ଗଳ ସମିତିର ନୂତନ ସଦସ୍ୟମାନଙ୍କ ପାଇଁ ଦୁଇ ଦିନିଆ ତାଲିମ କାର୍ଯ୍ୟକ୍ରମ ଆୟୋଜିତ ହୋଇଯାଇଛି। ଏହି ଅବସରରେ ବିଭିନ୍ନ ଜିଲ୍ଲାରୁ ଆସିଥିବା ସଦସ୍ୟମାନେ ଅଂଶଗ୍ରହଣ କରିଥିଲେ। ଶିଶୁଙ୍କ ଅଧିକାର, ସୁରକ୍ଷା ଓ ଯତ୍ନ ସମ୍ପର୍କରେ ବିଶେଷଜ୍ଞମାନେ ବିସ୍ତୃତ ଆଲୋଚନା କରିଥିଲେ। ଆଇନଗତ ପ୍ରକ୍ରିୟା ଓ ପୁନର୍ବାସ ବ୍ୟବସ୍ଥା ଉପରେ ମଧ୍ୟ ଆଲୋକପାତ କରାଯାଇଥିଲା।
ଆଦର୍ଶ ଶିକ୍ଷକ ଭାବେ ପୁରସ୍କାର
ଭୁବନେଶ୍ୱର, ୨୯ା୧୦ (ନି.ପ୍ର): ରାଜ୍ୟ ମହିଳା ଓ ଶିଶୁ ବିକାଶ ବିଭାଗ ଅଧୀନସ୍ଥ ଶିଶୁ ମଙ୍ଗଳ ସମିତିର ନୂତନ ସଦସ୍ୟମାନଙ୍କ ପାଇଁ ଦୁଇ ଦିନିଆ ତାଲିମ କାର୍ଯ୍ୟକ୍ରମ ଆୟୋଜିତ ହୋଇଯାଇଛି। ଏହି ଅବସରରେ ବିଭିନ୍ନ ଜିଲ୍ଲାରୁ ଆସିଥିବା ସଦସ୍ୟମାନେ ଅଂଶଗ୍ରହଣ କରିଥିଲେ। ଶିଶୁଙ୍କ ଅଧିକାର, ସୁରକ୍ଷା ଓ ଯତ୍ନ ସମ୍ପର୍କରେ ବିଶେଷଜ୍ଞମାନେ ବିସ୍ତୃତ ଆଲୋଚନା କରିଥିଲେ। ଆଇନଗତ ପ୍ରକ୍ରିୟା ଓ ପୁନର୍ବାସ ବ୍ୟବସ୍ଥା ଉପରେ ମଧ୍ୟ ଆଲୋକପାତ କରାଯାଇଥିଲା।
ରାଜ୍ୟ ମହିଳା ଓ ଶିଶୁ ବିକାଶ ବିଭାଗ ଅଧୀନସ୍ଥ ଶିଶୁ ମଙ୍ଗଳ ସମିତିର ନୂତନ ସଦସ୍ୟମାନଙ୍କ ପାଇଁ ଦୁଇ ଦିନିଆ ତାଲିମ କାର୍ଯ୍ୟକ୍ରମ ଆୟୋଜିତ ହୋଇଯାଇଛି। ଏହି ଅବସରରେ ବିଭିନ୍ନ ଜିଲ୍ଲାରୁ ଆସିଥିବା ସଦସ୍ୟମାନେ ଅଂଶଗ୍ରହଣ କରିଥିଲେ। ଶିଶୁଙ୍କ ଅଧିକାର, ସୁରକ୍ଷା ଓ ଯତ୍ନ ସମ୍ପର୍କରେ ବିଶେଷଜ୍ଞମାନେ ବିସ୍ତୃତ ଆଲୋଚନା କରିଥିଲେ। ଆଇନଗତ ପ୍ରକ୍ରିୟା ଓ ପୁନର୍ବାସ ବ୍ୟବସ୍ଥା ଉପରେ ମଧ୍ୟ ଆଲୋକପାତ କରାଯାଇଥିଲା।
ରାଜ୍ୟ ମହିଳା ଓ ଶିଶୁ ବିକାଶ ବିଭାଗ ଅଧୀନସ୍ଥ ଶିଶୁ ମଙ୍ଗଳ ସମିତିର ନୂତନ ସଦସ୍ୟମାନଙ୍କ ପାଇଁ ଦୁଇ ଦିନିଆ ତାଲିମ କାର୍ଯ୍ୟକ୍ରମ ଆୟୋଜିତ ହୋଇଯାଇଛି। ଏହି ଅବସରରେ ବିଭିନ୍ନ ଜିଲ୍ଲାରୁ ଆସିଥିବା ସଦସ୍ୟମାନେ ଅଂଶଗ୍ରହଣ କରିଥିଲେ। ଶିଶୁଙ୍କ ଅଧିକାର, ସୁରକ୍ଷା ଓ ଯତ୍ନ ସମ୍ପର୍କରେ ବିଶେଷଜ୍ଞମାନେ ବିସ୍ତୃତ ଆଲୋଚନା କରିଥିଲେ। ଆଇନଗତ ପ୍ରକ୍ରିୟା ଓ ପୁନର୍ବାସ ବ୍ୟବସ୍ଥା ଉପରେ ମଧ୍ୟ ଆଲୋକପାତ କରାଯାଇଥିଲା।
